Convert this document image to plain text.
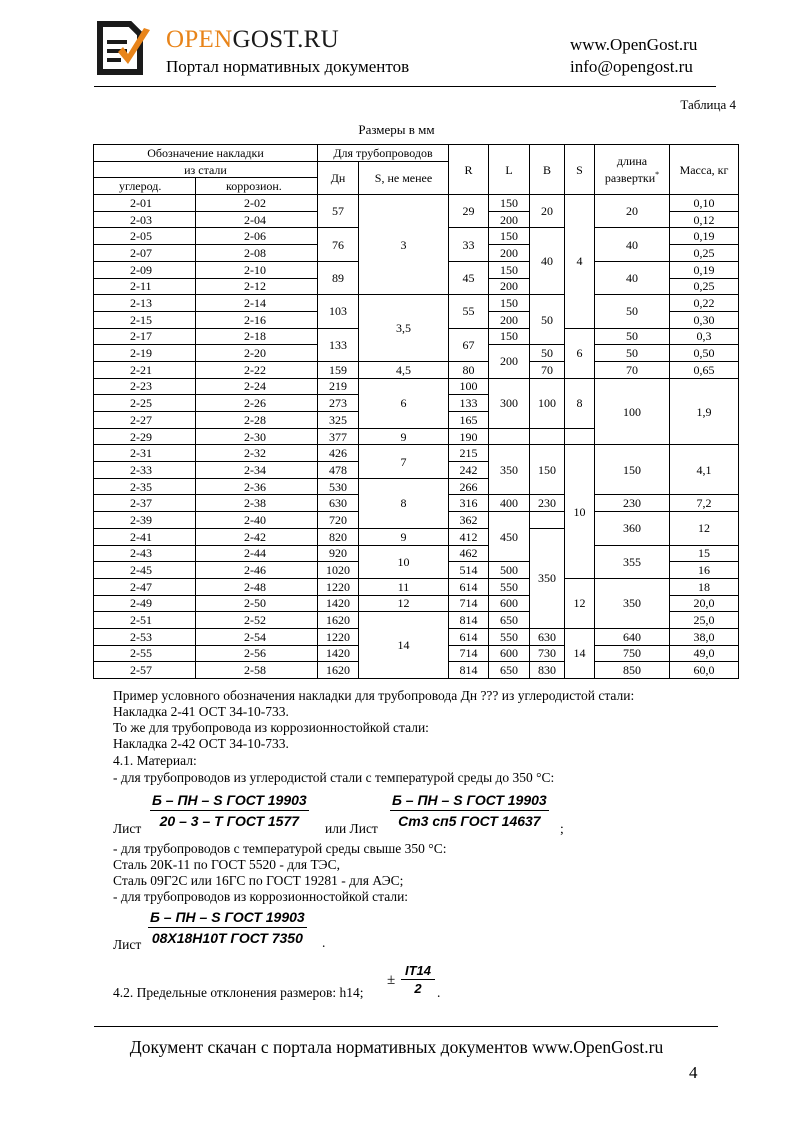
OPENGOST.RU
Портал нормативных документов
www.OpenGost.ru
info@opengost.ru
Таблица 4
Размеры в мм
Обозначение накладки		Для трубопроводов		R	L	B	S	длина развертки*	Масса, кг
из стали		Дн	S, не менее						
углерод.	коррозион.								
2-01	2-02	57	3	29	150	20	4	20	0,10
2-03	2-04				200				0,12
2-05	2-06	76		33	150	40		40	0,19
2-07	2-08				200				0,25
2-09	2-10	89		45	150			40	0,19
2-11	2-12				200				0,25
2-13	2-14	103	3,5	55	150	50		50	0,22
2-15	2-16				200				0,30
2-17	2-18	133		67	150		6	50	0,3
2-19	2-20				200	50		50	0,50
2-21	2-22	159	4,5	80		70		70	0,65
2-23	2-24	219	6	100	300	100	8	100	1,9
2-25	2-26	273		133					
2-27	2-28	325		165					
2-29	2-30	377	9	190					
2-31	2-32	426	7	215	350	150	10	150	4,1
2-33	2-34	478		242					
2-35	2-36	530	8	266					
2-37	2-38	630		316	400	230		230	7,2
2-39	2-40	720		362	450			360	12
2-41	2-42	820	9	412		350			
2-43	2-44	920	10	462				355	15
2-45	2-46	1020		514	500				16
2-47	2-48	1220	11	614	550		12	350	18
2-49	2-50	1420	12	714	600				20,0
2-51	2-52	1620	14	814	650				25,0
2-53	2-54	1220		614	550	630	14	640	38,0
2-55	2-56	1420		714	600	730		750	49,0
2-57	2-58	1620		814	650	830		850	60,0
Пример условного обозначения накладки для трубопровода Дн ??? из углеродистой стали:
Накладка 2-41 ОСТ 34-10-733.
То же для трубопровода из коррозионностойкой стали:
Накладка 2-42 ОСТ 34-10-733.
4.1. Материал:
- для трубопроводов из углеродистой стали с температурой среды до 350 °С:
Лист
Б – ПН – S ГОСТ 19903
20 – 3 – Т ГОСТ 1577	или Лист
Б – ПН – S ГОСТ 19903
Ст3 сп5 ГОСТ 14637	;
- для трубопроводов с температурой среды свыше 350 °С:
Сталь 20К-11 по ГОСТ 5520 - для ТЭС,
Сталь 09Г2С или 16ГС по ГОСТ 19281 - для АЭС;
- для трубопроводов из коррозионностойкой стали:
Лист
Б – ПН – S ГОСТ 19903
08Х18Н10Т ГОСТ 7350 .
4.2. Предельные отклонения размеров: h14;
± $\frac{IT14}{2}$ .
Документ скачан с портала нормативных документов www.OpenGost.ru
4
